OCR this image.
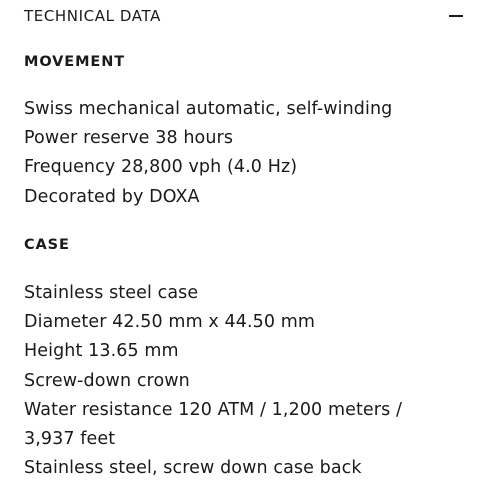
TECHNICAL DATA
MOVEMENT
Swiss mechanical automatic, self-winding
Power reserve 38 hours
Frequency 28,800 vph (4.0 Hz)
Decorated by DOXA
CASE
Stainless steel case
Diameter 42.50 mm x 44.50 mm
Height 13.65 mm
Screw-down crown
Water resistance 120 ATM / 1,200 meters /
3,937 feet
Stainless steel, screw down case back
